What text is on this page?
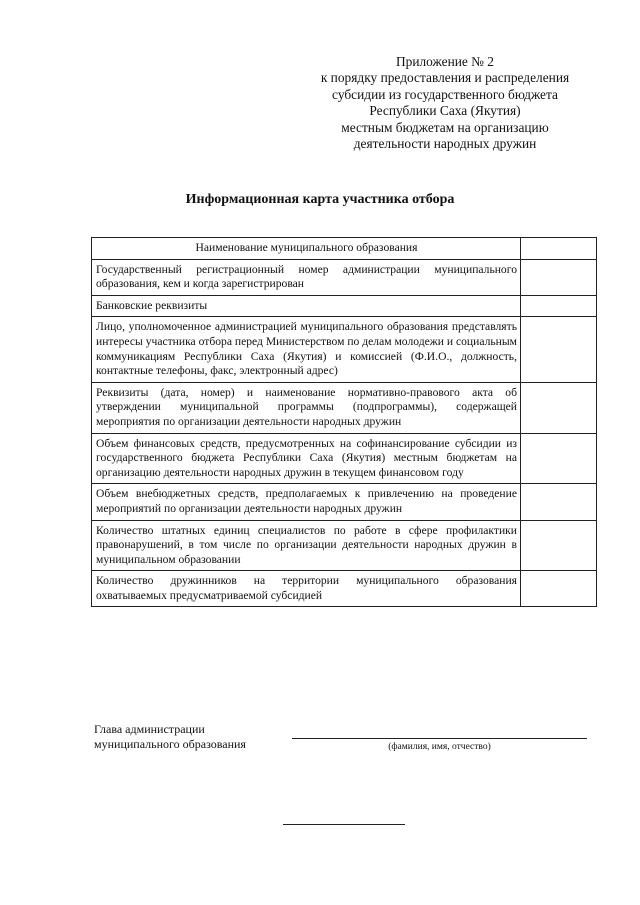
Приложение № 2
к порядку предоставления и распределения
субсидии из государственного бюджета
Республики Саха (Якутия)
местным бюджетам на организацию
деятельности народных дружин
Информационная карта участника отбора
Наименование муниципального образования	
Государственный регистрационный номер администрации муниципального образования, кем и когда зарегистрирован	
Банковские реквизиты	
Лицо, уполномоченное администрацией муниципального образования представлять интересы участника отбора перед Министерством по делам молодежи и социальным коммуникациям Республики Саха (Якутия) и комиссией (Ф.И.О., должность, контактные телефоны, факс, электронный адрес)	
Реквизиты (дата, номер) и наименование нормативно-правового акта об утверждении муниципальной программы (подпрограммы), содержащей мероприятия по организации деятельности народных дружин	
Объем финансовых средств, предусмотренных на софинансирование субсидии из государственного бюджета Республики Саха (Якутия) местным бюджетам на организацию деятельности народных дружин в текущем финансовом году	
Объем внебюджетных средств, предполагаемых к привлечению на проведение мероприятий по организации деятельности народных дружин	
Количество штатных единиц специалистов по работе в сфере профилактики правонарушений, в том числе по организации деятельности народных дружин в муниципальном образовании	
Количество дружинников на территории муниципального образования охватываемых предусматриваемой субсидией	
Глава администрации
муниципального образования	(фамилия, имя, отчество)
